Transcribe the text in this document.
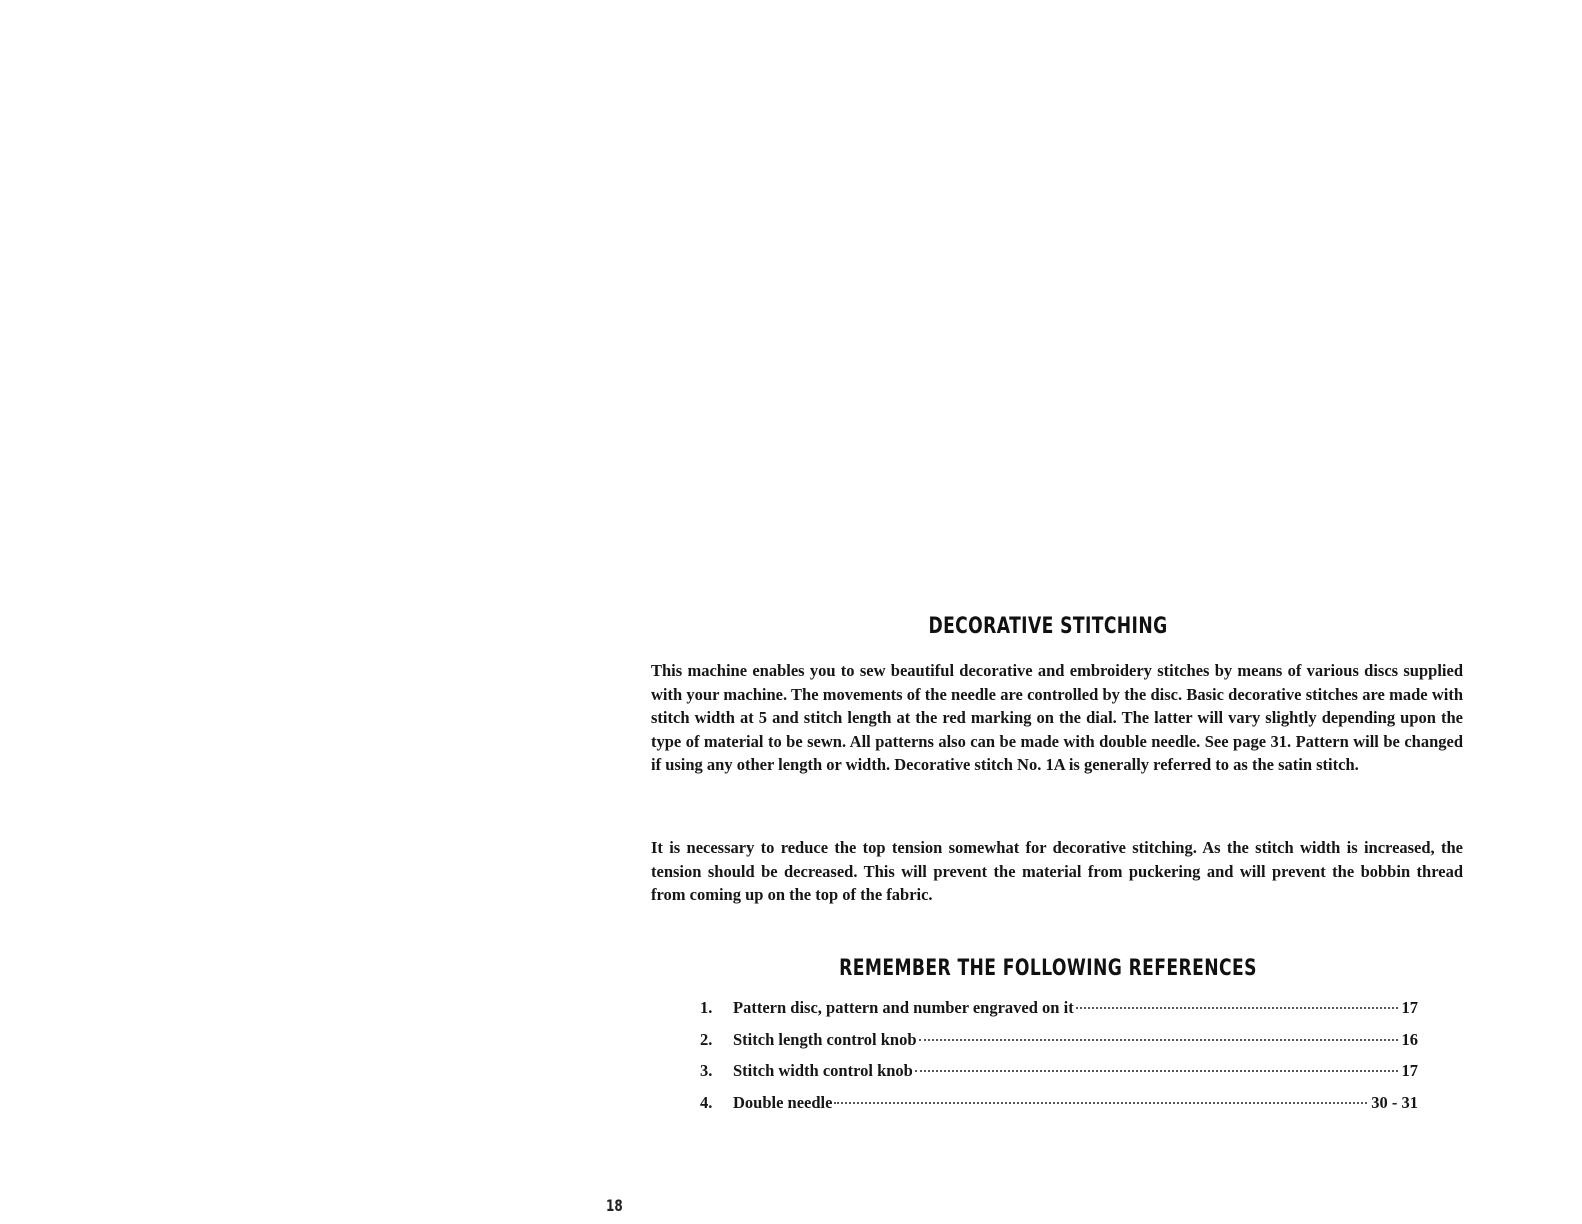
DECORATIVE STITCHING

This machine enables you to sew beautiful decorative and embroidery stitches by means of various discs supplied with your machine. The movements of the needle are controlled by the disc. Basic decorative stitches are made with stitch width at 5 and stitch length at the red marking on the dial. The latter will vary slightly depending upon the type of material to be sewn. All patterns also can be made with double needle. See page 31. Pattern will be changed if using any other length or width. Decorative stitch No. 1A is generally referred to as the satin stitch.

It is necessary to reduce the top tension somewhat for decorative stitching. As the stitch width is increased, the tension should be decreased. This will prevent the material from puckering and will prevent the bobbin thread from coming up on the top of the fabric.

REMEMBER THE FOLLOWING REFERENCES
1.	Pattern disc, pattern and number engraved on it	17
2.	Stitch length control knob	16
3.	Stitch width control knob	17
4.	Double needle	30 - 31
18
